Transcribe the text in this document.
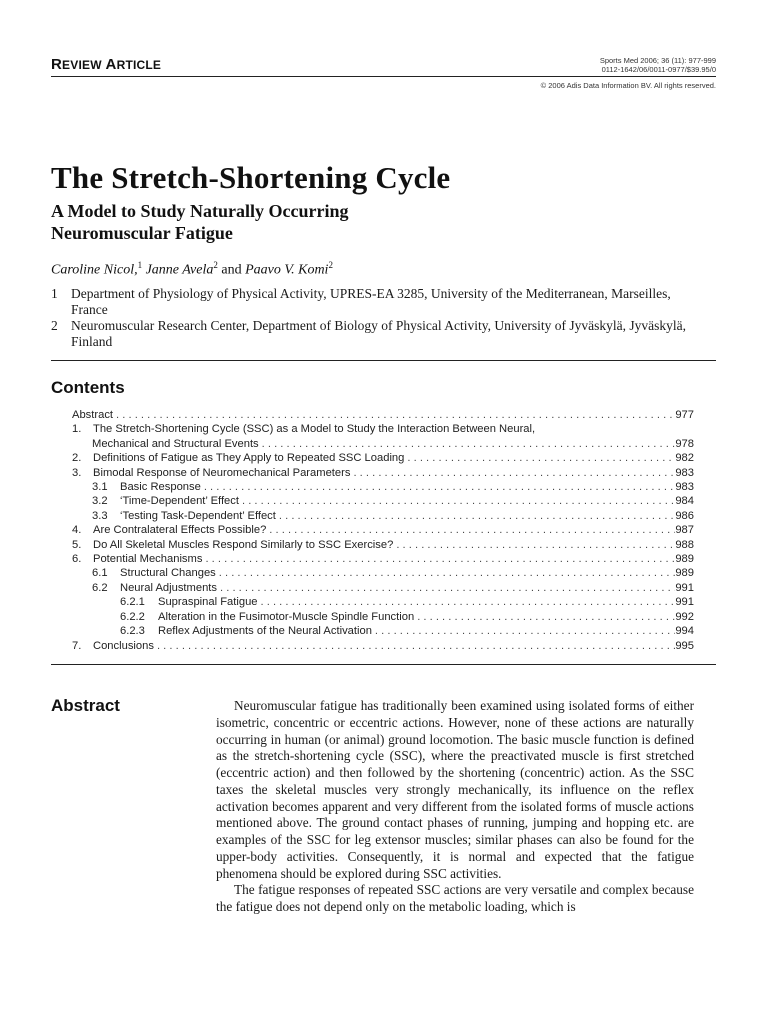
REVIEW ARTICLE	Sports Med 2006; 36 (11): 977-999
0112-1642/06/0011-0977/$39.95/0
© 2006 Adis Data Information BV. All rights reserved.
The Stretch-Shortening Cycle
A Model to Study Naturally Occurring
Neuromuscular Fatigue
Caroline Nicol,$^1$ Janne Avela$^2$ and Paavo V. Komi$^2$
1 Department of Physiology of Physical Activity, UPRES-EA 3285, University of the Mediterranean, Marseilles, France
2 Neuromuscular Research Center, Department of Biology of Physical Activity, University of Jyväskylä, Jyväskylä, Finland
Contents
Abstract . . .	977
1.	The Stretch-Shortening Cycle (SSC) as a Model to Study the Interaction Between Neural,
Mechanical and Structural Events . . .	978
2.	Definitions of Fatigue as They Apply to Repeated SSC Loading . . .	982
3.	Bimodal Response of Neuromechanical Parameters . . .	983
3.1	Basic Response . . .	983
3.2	‘Time-Dependent’ Effect . . .	984
3.3	‘Testing Task-Dependent’ Effect . . .	986
4.	Are Contralateral Effects Possible? . . .	987
5.	Do All Skeletal Muscles Respond Similarly to SSC Exercise? . . .	988
6.	Potential Mechanisms . . .	989
6.1	Structural Changes . . .	989
6.2	Neural Adjustments . . .	991
6.2.1	Supraspinal Fatigue . . .	991
6.2.2	Alteration in the Fusimotor-Muscle Spindle Function . . .	992
6.2.3	Reflex Adjustments of the Neural Activation . . .	994
7.	Conclusions . . .	995
Abstract	Neuromuscular fatigue has traditionally been examined using isolated forms of either isometric, concentric or eccentric actions. However, none of these actions are naturally occurring in human (or animal) ground locomotion. The basic muscle function is defined as the stretch-shortening cycle (SSC), where the preactivated muscle is first stretched (eccentric action) and then followed by the shortening (concentric) action. As the SSC taxes the skeletal muscles very strongly mechanically, its influence on the reflex activation becomes apparent and very different from the isolated forms of muscle actions mentioned above. The ground contact phases of running, jumping and hopping etc. are examples of the SSC for leg extensor muscles; similar phases can also be found for the upper-body activities. Consequently, it is normal and expected that the fatigue phenomena should be explored during SSC activities.

The fatigue responses of repeated SSC actions are very versatile and complex because the fatigue does not depend only on the metabolic loading, which is
